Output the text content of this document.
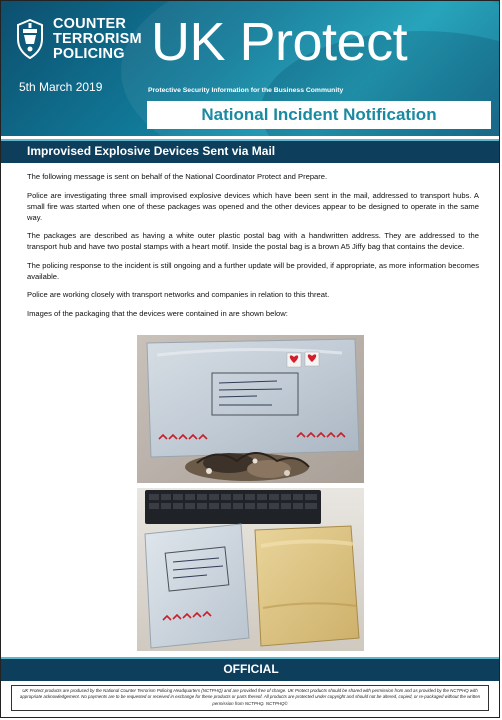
COUNTER
TERRORISM
POLICING
5th March 2019
UK Protect
Protective Security Information for the Business Community
National Incident Notification
Improvised Explosive Devices Sent via Mail

The following message is sent on behalf of the National Coordinator Protect and Prepare.

Police are investigating three small improvised explosive devices which have been sent in the mail, addressed to transport hubs. A small fire was started when one of these packages was opened and the other devices appear to be designed to operate in the same way.

The packages are described as having a white outer plastic postal bag with a handwritten address. They are addressed to the transport hub and have two postal stamps with a heart motif. Inside the postal bag is a brown A5 Jiffy bag that contains the device.

The policing response to the incident is still ongoing and a further update will be provided, if appropriate, as more information becomes available.

Police are working closely with transport networks and companies in relation to this threat.

Images of the packaging that the devices were contained in are shown below:

OFFICIAL
UK Protect products are produced by the National Counter Terrorism Policing Headquarters (NCTPHQ) and are provided free of charge. UK Protect products should be shared with permission from and as provided by the NCTPHQ with appropriate acknowledgement. No payments are to be requested or received in exchange for these products or parts thereof. All products are protected under copyright and should not be altered, copied, or re-packaged without the written permission from NCTPHQ. NCTPHQ©
